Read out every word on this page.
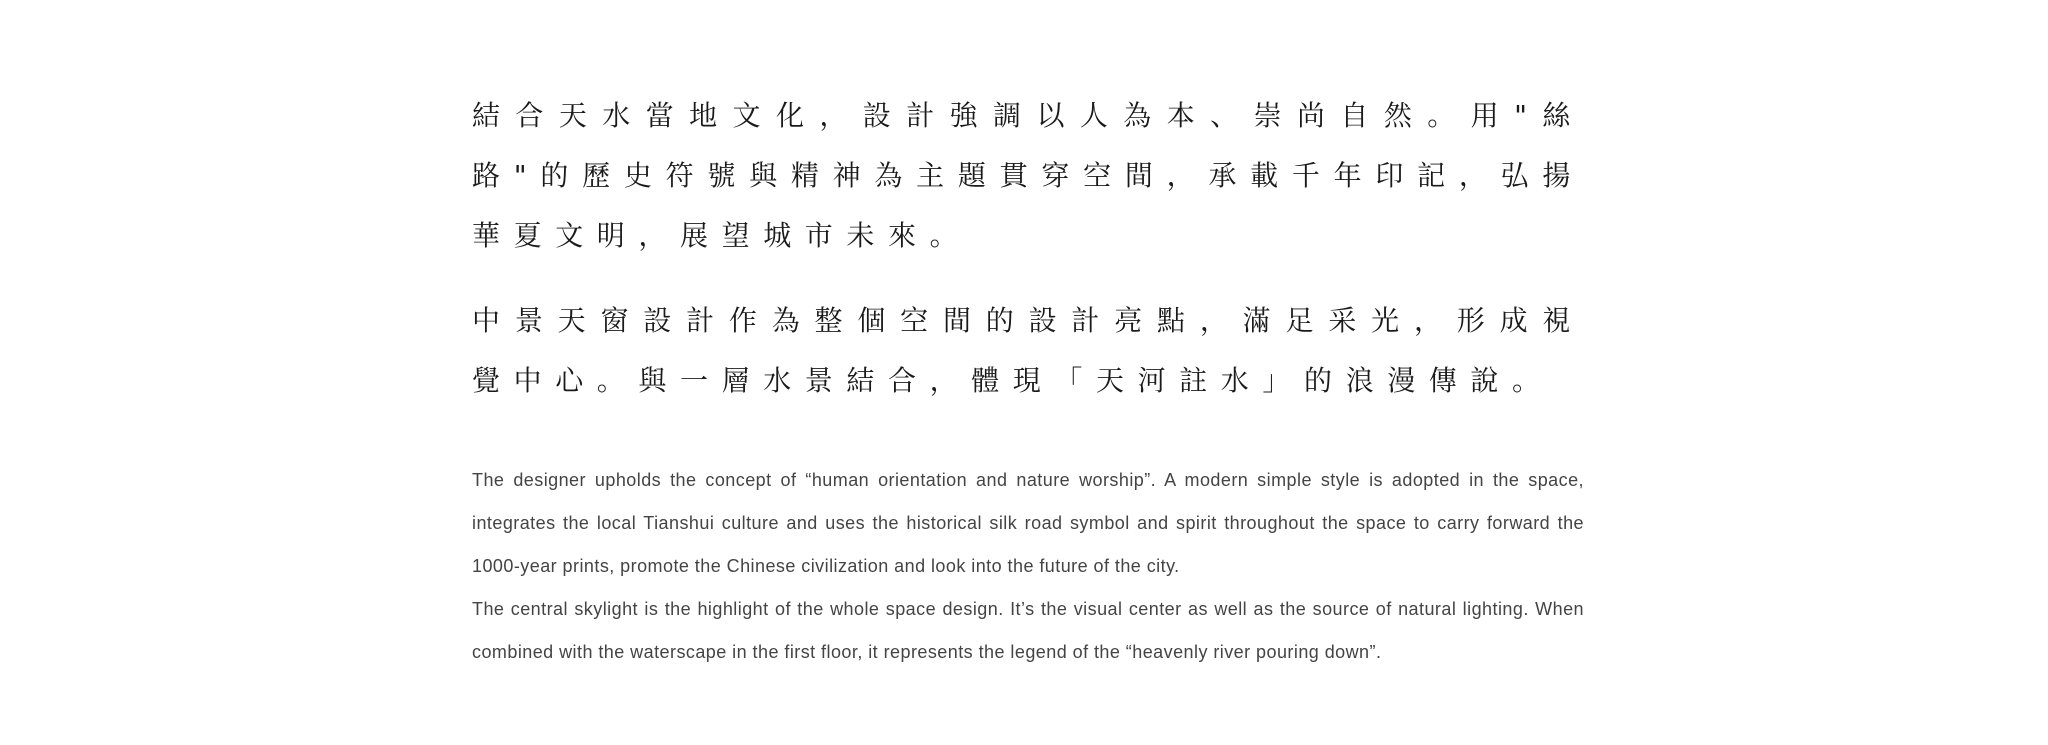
結合天水當地文化，設計強調以人為本、崇尚自然。用"絲路"的歷史符號與精神為主題貫穿空間，承載千年印記，弘揚華夏文明，展望城市未來。

中景天窗設計作為整個空間的設計亮點，滿足采光，形成視覺中心。與一層水景結合，體現「天河註水」的浪漫傳說。

The designer upholds the concept of “human orientation and nature worship”. A modern simple style is adopted in the space, integrates the local Tianshui culture and uses the historical silk road symbol and spirit throughout the space to carry forward the 1000-year prints, promote the Chinese civilization and look into the future of the city.

The central skylight is the highlight of the whole space design. It’s the visual center as well as the source of natural lighting. When combined with the waterscape in the first floor, it represents the legend of the “heavenly river pouring down”.
